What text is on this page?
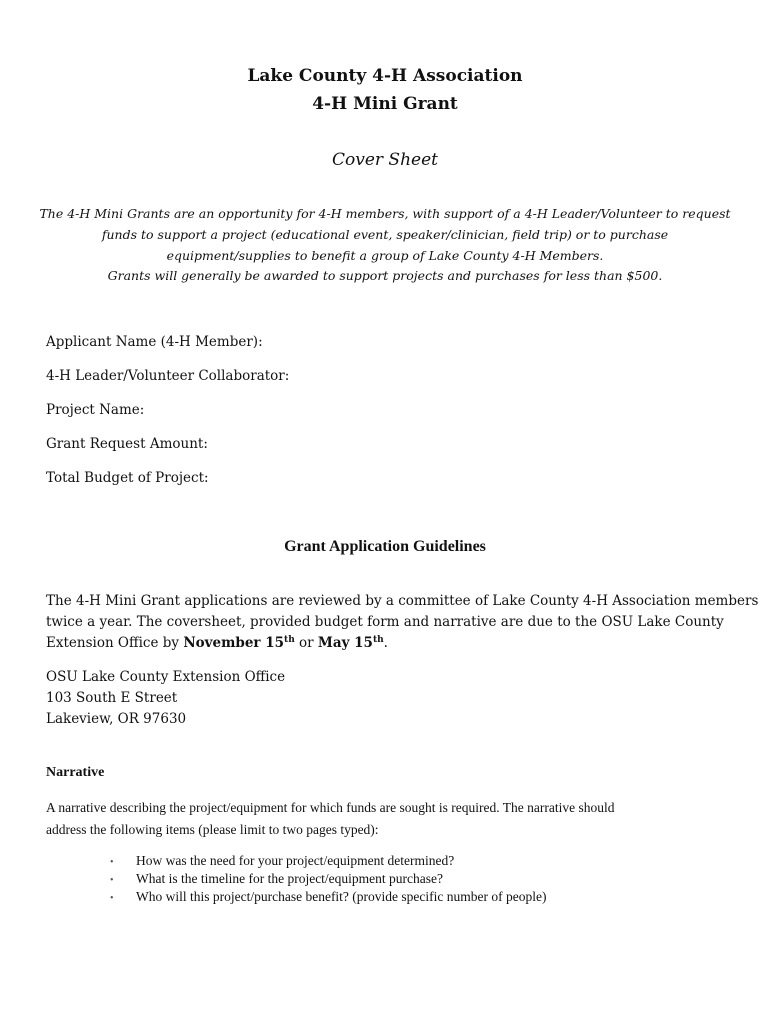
Lake County 4-H Association
4-H Mini Grant
Cover Sheet
The 4-H Mini Grants are an opportunity for 4-H members, with support of a 4-H Leader/Volunteer to request
funds to support a project (educational event, speaker/clinician, field trip) or to purchase
equipment/supplies to benefit a group of Lake County 4-H Members.
Grants will generally be awarded to support projects and purchases for less than $500.
Applicant Name (4-H Member):
4-H Leader/Volunteer Collaborator:
Project Name:
Grant Request Amount:
Total Budget of Project:
Grant Application Guidelines
The 4-H Mini Grant applications are reviewed by a committee of Lake County 4-H Association members
twice a year. The coversheet, provided budget form and narrative are due to the OSU Lake County
Extension Office by November 15th or May 15th.
OSU Lake County Extension Office
103 South E Street
Lakeview, OR 97630
Narrative
A narrative describing the project/equipment for which funds are sought is required. The narrative should
address the following items (please limit to two pages typed):
• How was the need for your project/equipment determined?
• What is the timeline for the project/equipment purchase?
• Who will this project/purchase benefit? (provide specific number of people)
